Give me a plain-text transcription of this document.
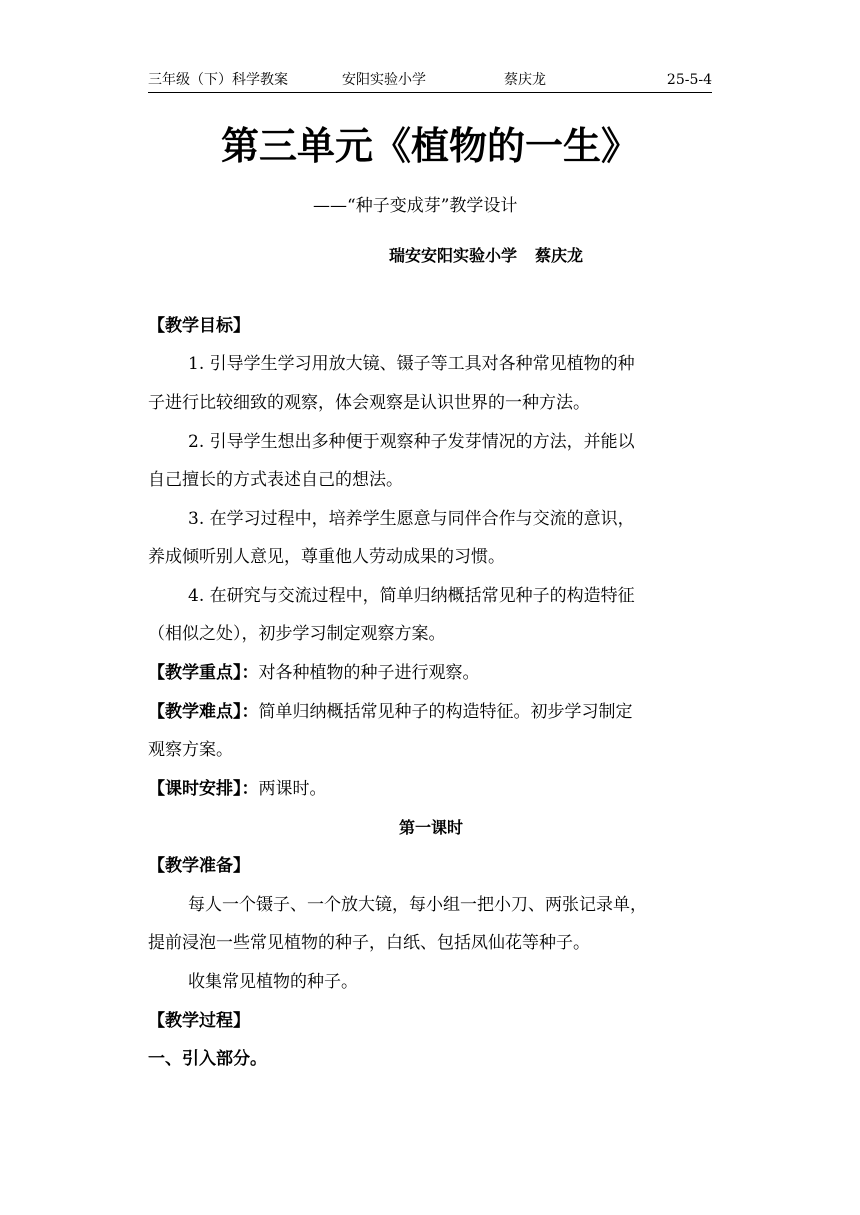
三年级（下）科学教案	安阳实验小学	蔡庆龙	25-5-4
第三单元《植物的一生》
——“种子变成芽”教学设计
瑞安安阳实验小学 蔡庆龙
【教学目标】
1. 引导学生学习用放大镜、镊子等工具对各种常见植物的种
子进行比较细致的观察，体会观察是认识世界的一种方法。
2. 引导学生想出多种便于观察种子发芽情况的方法，并能以
自己擅长的方式表述自己的想法。
3. 在学习过程中，培养学生愿意与同伴合作与交流的意识，
养成倾听别人意见，尊重他人劳动成果的习惯。
4. 在研究与交流过程中，简单归纳概括常见种子的构造特征
（相似之处），初步学习制定观察方案。
【教学重点】：对各种植物的种子进行观察。
【教学难点】：简单归纳概括常见种子的构造特征。初步学习制定
观察方案。
【课时安排】：两课时。
第一课时
【教学准备】
每人一个镊子、一个放大镜，每小组一把小刀、两张记录单，
提前浸泡一些常见植物的种子，白纸、包括凤仙花等种子。
收集常见植物的种子。
【教学过程】
一、引入部分。
